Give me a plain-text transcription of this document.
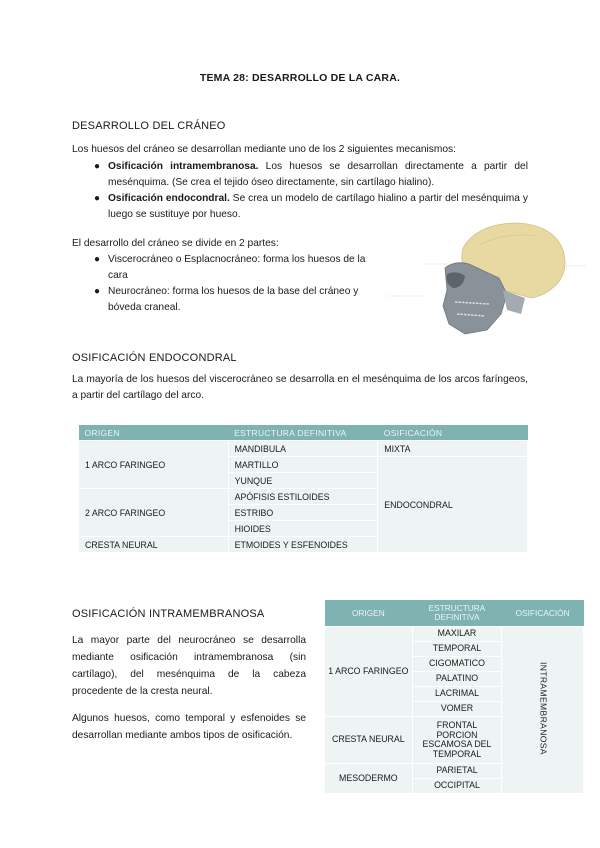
TEMA 28: DESARROLLO DE LA CARA.
DESARROLLO DEL CRÁNEO
Los huesos del cráneo se desarrollan mediante uno de los 2 siguientes mecanismos:
● Osificación intramembranosa. Los huesos se desarrollan directamente a partir del mesénquima. (Se crea el tejido óseo directamente, sin cartílago hialino).
● Osificación endocondral. Se crea un modelo de cartílago hialino a partir del mesénquima y luego se sustituye por hueso.
El desarrollo del cráneo se divide en 2 partes:
● Viscerocráneo o Esplacnocráneo: forma los huesos de la cara
● Neurocráneo: forma los huesos de la base del cráneo y bóveda craneal.
OSIFICACIÓN ENDOCONDRAL
La mayoría de los huesos del viscerocráneo se desarrolla en el mesénquima de los arcos faríngeos, a partir del cartílago del arco.
ORIGEN	ESTRUCTURA DEFINITIVA	OSIFICACIÓN
1 ARCO FARINGEO	MANDIBULA	MIXTA
	MARTILLO	ENDOCONDRAL
	YUNQUE	
2 ARCO FARINGEO	APÓFISIS ESTILOIDES	
	ESTRIBO	
	HIOIDES	
CRESTA NEURAL	ETMOIDES Y ESFENOIDES	
OSIFICACIÓN INTRAMEMBRANOSA
La mayor parte del neurocráneo se desarrolla mediante osificación intramembranosa (sin cartílago), del mesénquima de la cabeza procedente de la cresta neural.
Algunos huesos, como temporal y esfenoides se desarrollan mediante ambos tipos de osificación.
ORIGEN	ESTRUCTURA DEFINITIVA	OSIFICACIÓN
1 ARCO FARINGEO	MAXILAR	INTRAMEMBRANOSA
	TEMPORAL	
	CIGOMATICO	
	PALATINO	
	LACRIMAL	
	VOMER	
CRESTA NEURAL	FRONTAL PORCION ESCAMOSA DEL TEMPORAL	
MESODERMO	PARIETAL	
	OCCIPITAL	
